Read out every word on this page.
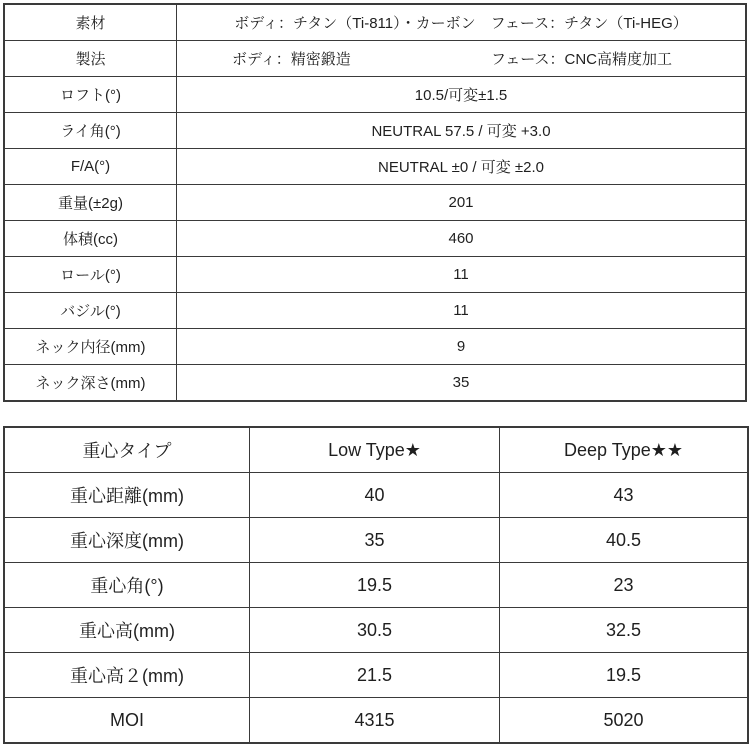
素材	ボディ：チタン（Ti-811）・カーボン　フェース：チタン（Ti-HEG）
製法	ボディ：精密鍛造 フェース：CNC高精度加工

ロフト(°)	10.5/可変±1.5
ライ角(°)	NEUTRAL 57.5 / 可変 +3.0
F/A(°)	NEUTRAL ±0 / 可変 ±2.0
重量(±2g)	201
体積(cc)	460
ロール(°)	11
バジル(°)	11
ネック内径(mm)	9
ネック深さ(mm)	35
重心タイプ	Low Type★	Deep Type★★
重心距離(mm)	40	43
重心深度(mm)	35	40.5
重心角(°)	19.5	23
重心高(mm)	30.5	32.5
重心高２(mm)	21.5	19.5
MOI	4315	5020
